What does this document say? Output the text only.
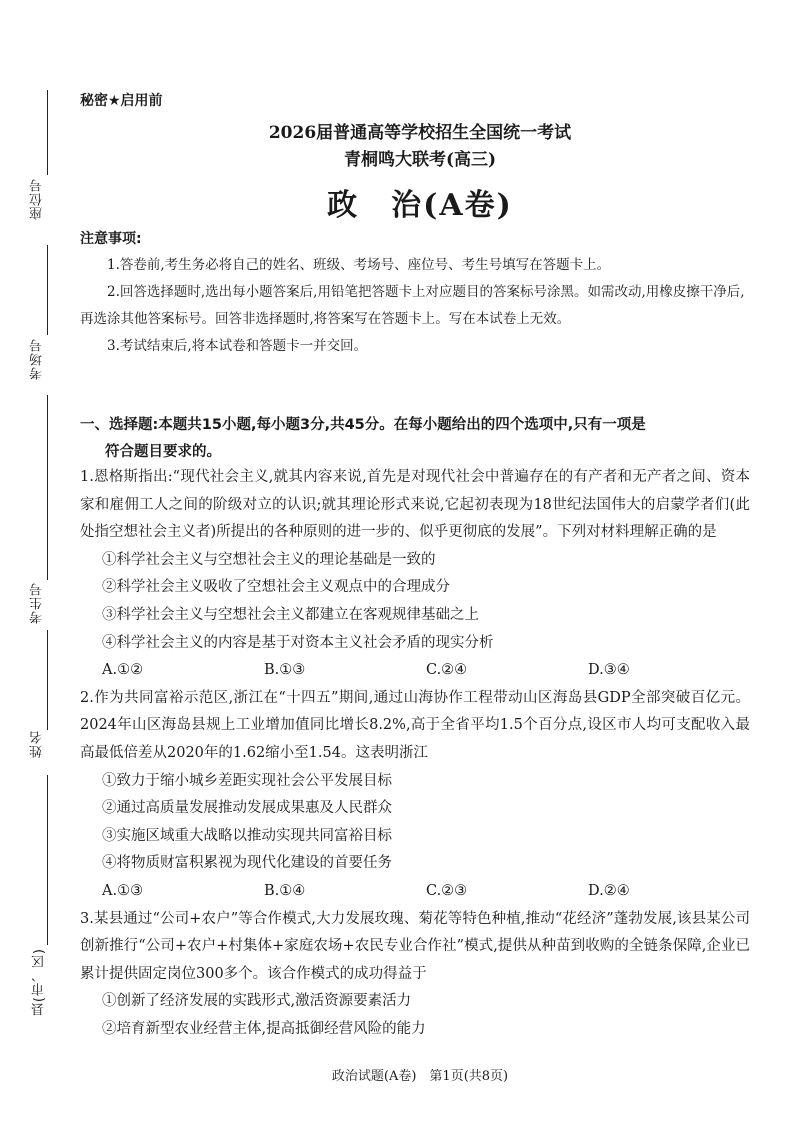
座位号
考场号
考生号
姓名
县(市、区)
秘密★启用前
2026届普通高等学校招生全国统一考试
青桐鸣大联考(高三)
政　治(A卷)
注意事项:

1.答卷前,考生务必将自己的姓名、班级、考场号、座位号、考生号填写在答题卡上。

2.回答选择题时,选出每小题答案后,用铅笔把答题卡上对应题目的答案标号涂黑。如需改动,用橡皮擦干净后,再选涂其他答案标号。回答非选择题时,将答案写在答题卡上。写在本试卷上无效。

3.考试结束后,将本试卷和答题卡一并交回。

一、选择题:本题共15小题,每小题3分,共45分。在每小题给出的四个选项中,只有一项是
符合题目要求的。

1.恩格斯指出:“现代社会主义,就其内容来说,首先是对现代社会中普遍存在的有产者和无产者之间、资本家和雇佣工人之间的阶级对立的认识;就其理论形式来说,它起初表现为18世纪法国伟大的启蒙学者们(此处指空想社会主义者)所提出的各种原则的进一步的、似乎更彻底的发展”。下列对材料理解正确的是

①科学社会主义与空想社会主义的理论基础是一致的

②科学社会主义吸收了空想社会主义观点中的合理成分

③科学社会主义与空想社会主义都建立在客观规律基础之上

④科学社会主义的内容是基于对资本主义社会矛盾的现实分析

A.①②	B.①③	C.②④	D.③④

2.作为共同富裕示范区,浙江在“十四五”期间,通过山海协作工程带动山区海岛县GDP全部突破百亿元。2024年山区海岛县规上工业增加值同比增长8.2%,高于全省平均1.5个百分点,设区市人均可支配收入最高最低倍差从2020年的1.62缩小至1.54。这表明浙江

①致力于缩小城乡差距实现社会公平发展目标

②通过高质量发展推动发展成果惠及人民群众

③实施区域重大战略以推动实现共同富裕目标

④将物质财富积累视为现代化建设的首要任务

A.①③	B.①④	C.②③	D.②④

3.某县通过“公司+农户”等合作模式,大力发展玫瑰、菊花等特色种植,推动“花经济”蓬勃发展,该县某公司创新推行“公司+农户+村集体+家庭农场+农民专业合作社”模式,提供从种苗到收购的全链条保障,企业已累计提供固定岗位300多个。该合作模式的成功得益于

①创新了经济发展的实践形式,激活资源要素活力

②培育新型农业经营主体,提高抵御经营风险的能力

政治试题(A卷)　第1页(共8页)
